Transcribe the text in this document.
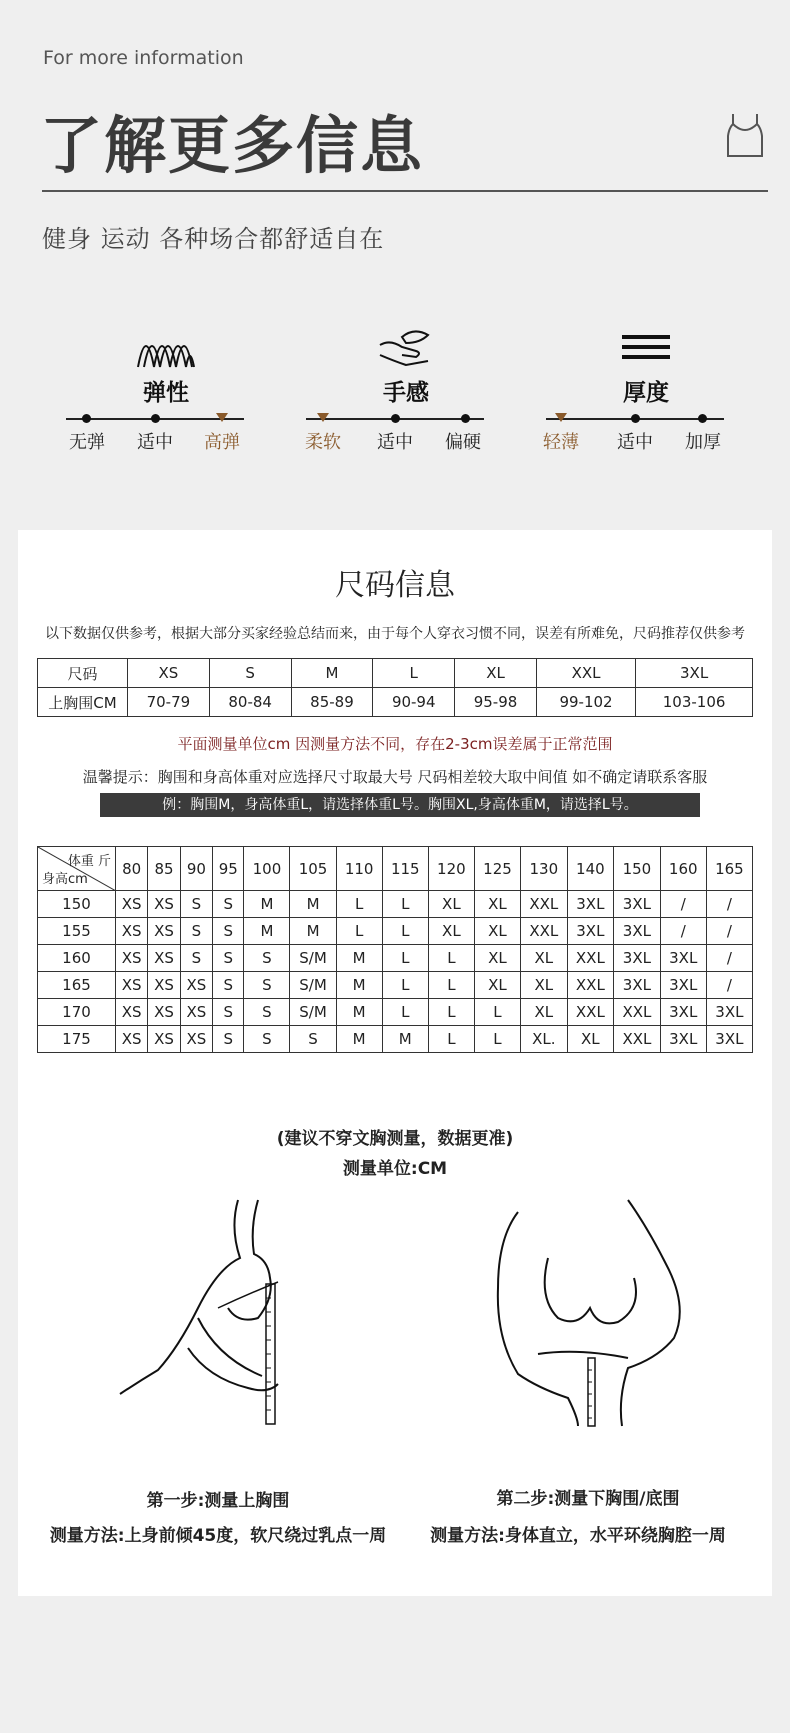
For more information
了解更多信息
健身 运动 各种场合都舒适自在
弹性
无弹	适中	高弹
手感
柔软	适中	偏硬
厚度
轻薄	适中	加厚
尺码信息
以下数据仅供参考，根据大部分买家经验总结而来，由于每个人穿衣习惯不同，误差有所难免，尺码推荐仅供参考
尺码	XS	S	M	L	XL	XXL	3XL
上胸围CM	70-79	80-84	85-89	90-94	95-98	99-102	103-106
平面测量单位cm 因测量方法不同，存在2-3cm误差属于正常范围
温馨提示：胸围和身高体重对应选择尺寸取最大号 尺码相差较大取中间值 如不确定请联系客服
例：胸围M，身高体重L，请选择体重L号。胸围XL,身高体重M，请选择L号。
体重 斤
身高cm	80	85	90	95	100	105	110	115	120	125	130	140	150	160	165
150	XS	XS	S	S	M	M	L	L	XL	XL	XXL	3XL	3XL	/	/
155	XS	XS	S	S	M	M	L	L	XL	XL	XXL	3XL	3XL	/	/
160	XS	XS	S	S	S	S/M	M	L	L	XL	XL	XXL	3XL	3XL	/
165	XS	XS	XS	S	S	S/M	M	L	L	XL	XL	XXL	3XL	3XL	/
170	XS	XS	XS	S	S	S/M	M	L	L	L	XL	XXL	XXL	3XL	3XL
175	XS	XS	XS	S	S	S	M	M	L	L	XL.	XL	XXL	3XL	3XL
(建议不穿文胸测量，数据更准)
测量单位:CM
第一步:测量上胸围
测量方法:上身前倾45度，软尺绕过乳点一周
第二步:测量下胸围/底围
测量方法:身体直立，水平环绕胸腔一周
